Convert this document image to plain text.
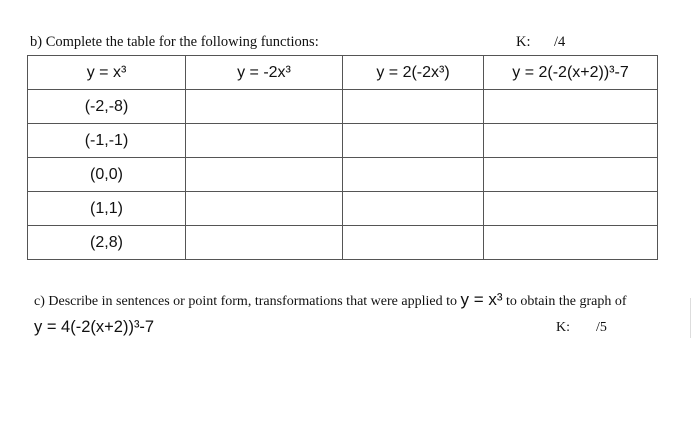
b) Complete the table for the following functions:	K: /4
y = x³	y = -2x³	y = 2(-2x³)	y = 2(-2(x+2))³-7
(-2,-8)			
(-1,-1)			
(0,0)			
(1,1)			
(2,8)			
c) Describe in sentences or point form, transformations that were applied to y = x³ to obtain the graph of
y = 4(-2(x+2))³-7	K: /5
